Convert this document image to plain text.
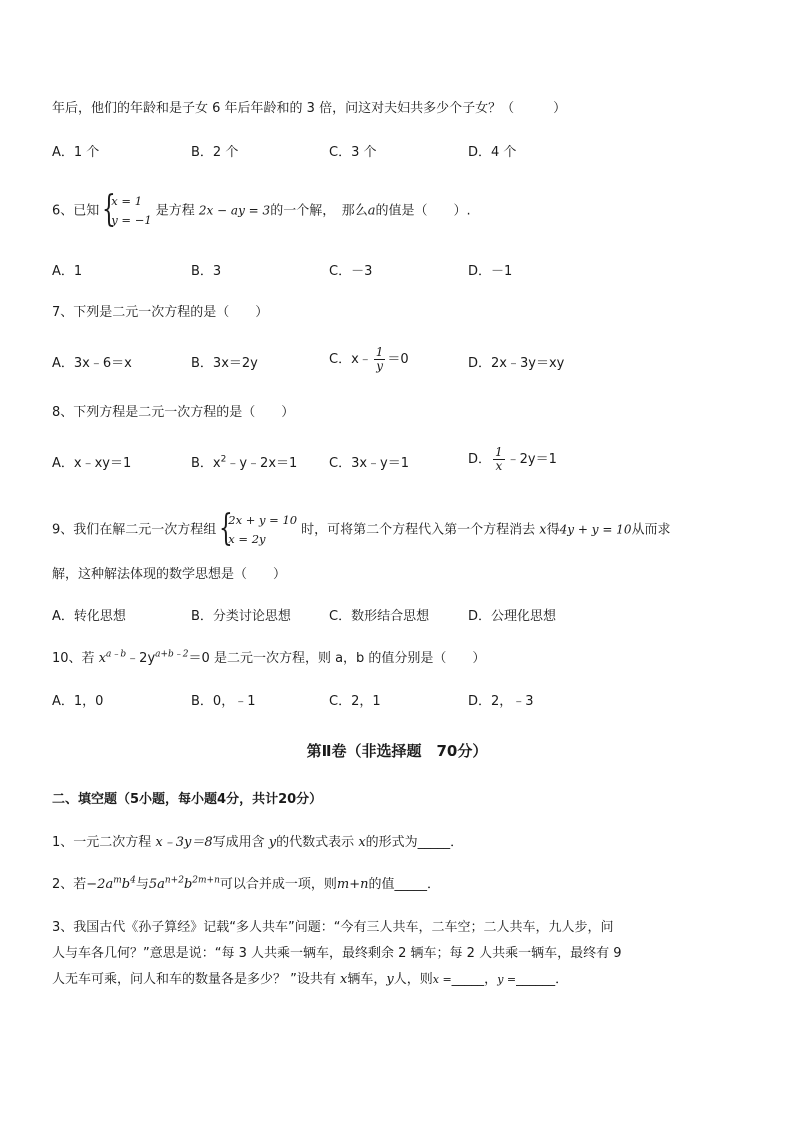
年后，他们的年龄和是子女 6 年后年龄和的 3 倍，问这对夫妇共多少个子女？（　　　）
A．1 个	B．2 个	C．3 个	D．4 个
6、已知 {
x = 1
y = −1
是方程 2x − ay = 3的一个解，　那么a的值是（　　）.
A．1	B．3	C．－3	D．－1
7、下列是二元一次方程的是（　　）
A．3x﹣6＝x	B．3x＝2y	C．x﹣ $\frac{1}{y} =0$	D．2x﹣3y＝xy
8、下列方程是二元一次方程的是（　　）
A．x﹣xy＝1	B．$x^2﹣y﹣2x=1$ C．3x﹣y＝1	D． $\frac{1}{x}$ ﹣2y＝1
9、我们在解二元一次方程组 {
2x + y = 10
x = 2y
时，可将第二个方程代入第一个方程消去 x得4y + y = 10从而求
解，这种解法体现的数学思想是（　　）
A．转化思想	B．分类讨论思想	C．数形结合思想	D．公理化思想
10、若 $x^{a﹣b}﹣2y^{a+b﹣2}=0$ 是二元一次方程，则 a，b 的值分别是（　　）
A．1，0	B．0，﹣1	C．2，1	D．2，﹣3
第Ⅱ卷（非选择题　70分）
二、填空题（5小题，每小题4分，共计20分）
1、一元二次方程 x﹣3y＝8写成用含 y的代数式表示 x的形式为_____．
2、若$-2a^mb^4$与$5a^{n+2}b^{2m+n}$可以合并成一项，则m+n的值_____．
3、我国古代《孙子算经》记载“多人共车”问题：“今有三人共车，二车空；二人共车，九人步，问
人与车各几何？”意思是说：“每 3 人共乘一辆车，最终剩余 2 辆车；每 2 人共乘一辆车，最终有 9
人无车可乘，问人和车的数量各是多少？ ”设共有 x辆车，y人，则x =_____，y =______．
